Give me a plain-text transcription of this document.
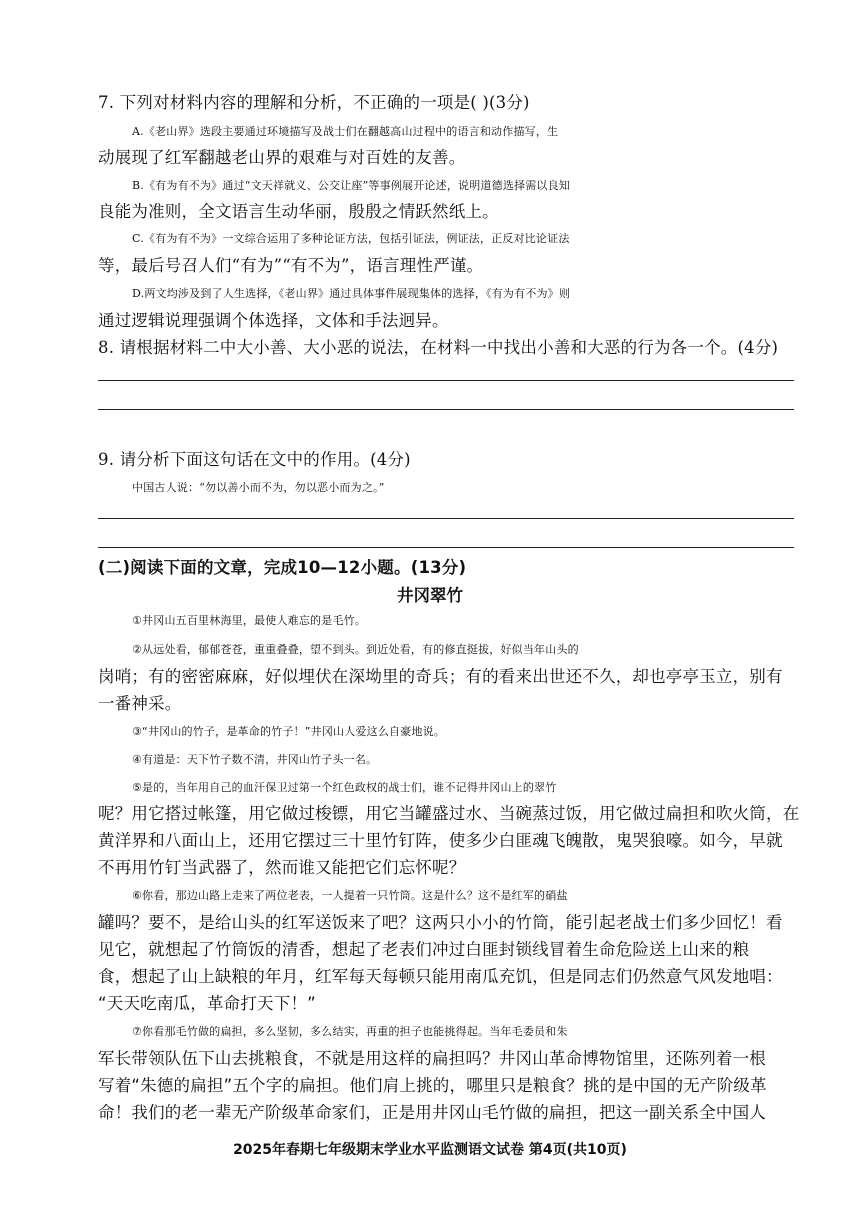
7. 下列对材料内容的理解和分析，不正确的一项是( )(3分)
A.《老山界》选段主要通过环境描写及战士们在翻越高山过程中的语言和动作描写，生
动展现了红军翻越老山界的艰难与对百姓的友善。
B.《有为有不为》通过“文天祥就义、公交让座”等事例展开论述，说明道德选择需以良知
良能为准则，全文语言生动华丽，殷殷之情跃然纸上。
C.《有为有不为》一文综合运用了多种论证方法，包括引证法，例证法，正反对比论证法
等，最后号召人们“有为”“有不为”，语言理性严谨。
D.两文均涉及到了人生选择，《老山界》通过具体事件展现集体的选择，《有为有不为》则
通过逻辑说理强调个体选择，文体和手法迥异。
8. 请根据材料二中大小善、大小恶的说法，在材料一中找出小善和大恶的行为各一个。(4分)
9. 请分析下面这句话在文中的作用。(4分)
中国古人说：“勿以善小而不为，勿以恶小而为之。”
(二)阅读下面的文章，完成10—12小题。(13分)
井冈翠竹
①井冈山五百里林海里，最使人难忘的是毛竹。
②从远处看，郁郁苍苍，重重叠叠，望不到头。到近处看，有的修直挺拔，好似当年山头的
岗哨；有的密密麻麻，好似埋伏在深坳里的奇兵；有的看来出世还不久，却也亭亭玉立，别有
一番神采。
③“井冈山的竹子，是革命的竹子！”井冈山人爱这么自豪地说。
④有道是：天下竹子数不清，井冈山竹子头一名。
⑤是的，当年用自己的血汗保卫过第一个红色政权的战士们，谁不记得井冈山上的翠竹
呢？用它搭过帐篷，用它做过梭镖，用它当罐盛过水、当碗蒸过饭，用它做过扁担和吹火筒，在
黄洋界和八面山上，还用它摆过三十里竹钉阵，使多少白匪魂飞魄散，鬼哭狼嚎。如今，早就
不再用竹钉当武器了，然而谁又能把它们忘怀呢？
⑥你看，那边山路上走来了两位老表，一人提着一只竹筒。这是什么？这不是红军的硝盐
罐吗？要不，是给山头的红军送饭来了吧？这两只小小的竹筒，能引起老战士们多少回忆！看
见它，就想起了竹筒饭的清香，想起了老表们冲过白匪封锁线冒着生命危险送上山来的粮
食，想起了山上缺粮的年月，红军每天每顿只能用南瓜充饥，但是同志们仍然意气风发地唱：
“天天吃南瓜，革命打天下！”
⑦你看那毛竹做的扁担，多么坚韧，多么结实，再重的担子也能挑得起。当年毛委员和朱
军长带领队伍下山去挑粮食，不就是用这样的扁担吗？井冈山革命博物馆里，还陈列着一根
写着“朱德的扁担”五个字的扁担。他们肩上挑的，哪里只是粮食？挑的是中国的无产阶级革
命！我们的老一辈无产阶级革命家们，正是用井冈山毛竹做的扁担，把这一副关系全中国人
2025年春期七年级期末学业水平监测语文试卷 第4页(共10页)
